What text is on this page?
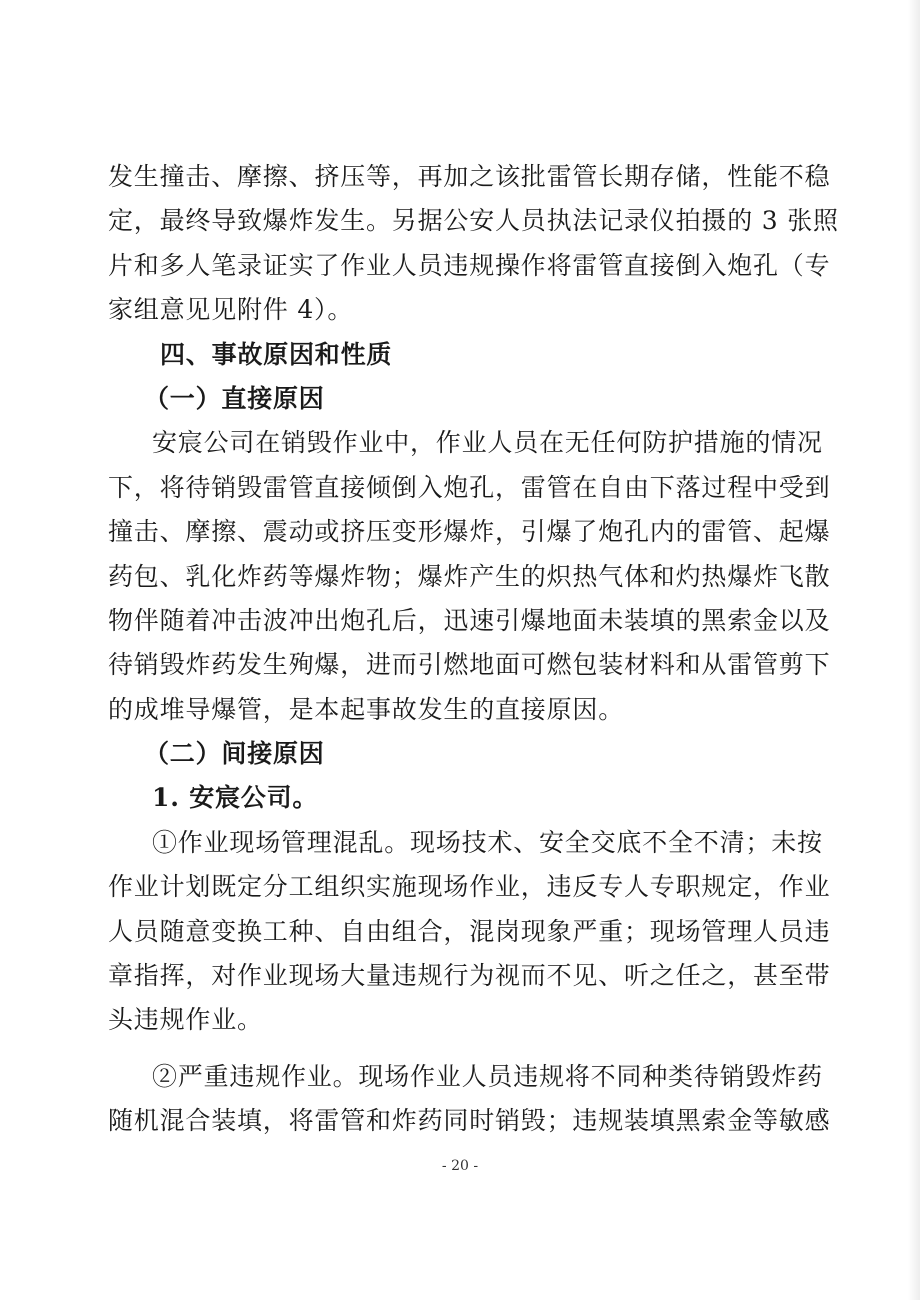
发生撞击、摩擦、挤压等，再加之该批雷管长期存储，性能不稳
定，最终导致爆炸发生。另据公安人员执法记录仪拍摄的 3 张照
片和多人笔录证实了作业人员违规操作将雷管直接倒入炮孔（专
家组意见见附件 4）。
四、事故原因和性质
（一）直接原因
安宸公司在销毁作业中，作业人员在无任何防护措施的情况
下，将待销毁雷管直接倾倒入炮孔，雷管在自由下落过程中受到
撞击、摩擦、震动或挤压变形爆炸，引爆了炮孔内的雷管、起爆
药包、乳化炸药等爆炸物；爆炸产生的炽热气体和灼热爆炸飞散
物伴随着冲击波冲出炮孔后，迅速引爆地面未装填的黑索金以及
待销毁炸药发生殉爆，进而引燃地面可燃包装材料和从雷管剪下
的成堆导爆管，是本起事故发生的直接原因。
（二）间接原因
1. 安宸公司。
①作业现场管理混乱。现场技术、安全交底不全不清；未按
作业计划既定分工组织实施现场作业，违反专人专职规定，作业
人员随意变换工种、自由组合，混岗现象严重；现场管理人员违
章指挥，对作业现场大量违规行为视而不见、听之任之，甚至带
头违规作业。
②严重违规作业。现场作业人员违规将不同种类待销毁炸药
随机混合装填，将雷管和炸药同时销毁；违规装填黑索金等敏感
- 20 -
